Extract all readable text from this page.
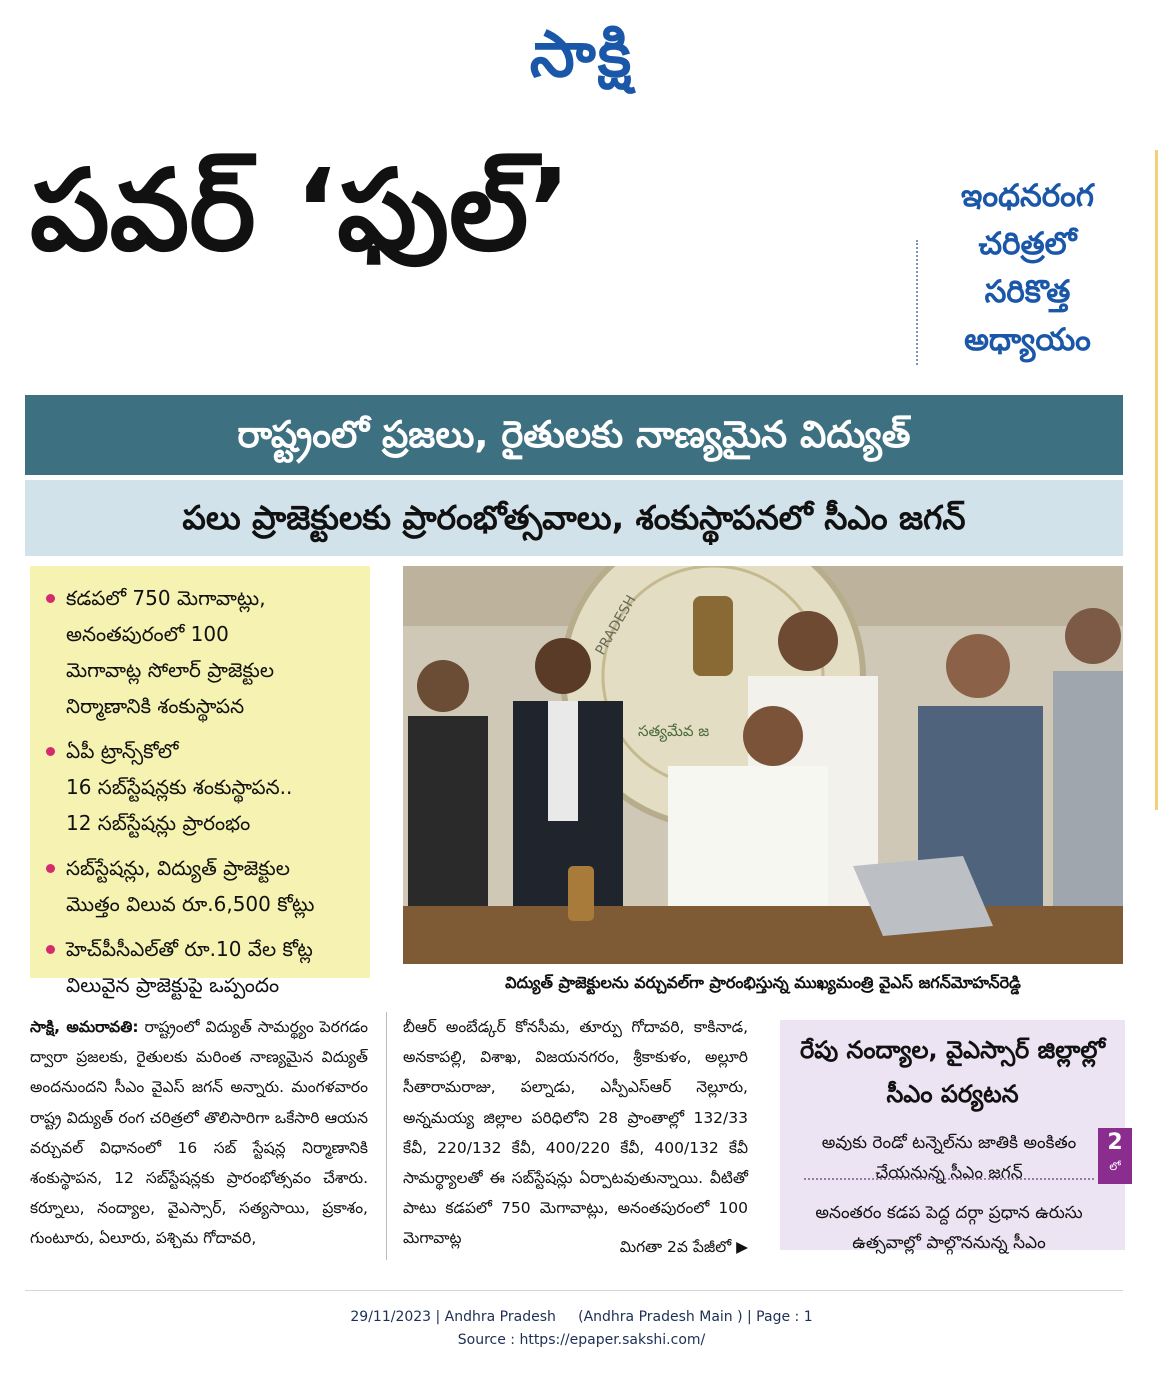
సాక్షి
పవర్ ‘ఫుల్’	ఇంధనరంగ
చరిత్రలో
సరికొత్త
అధ్యాయం
రాష్ట్రంలో ప్రజలు, రైతులకు నాణ్యమైన విద్యుత్
పలు ప్రాజెక్టులకు ప్రారంభోత్సవాలు, శంకుస్థాపనలో సీఎం జగన్
కడపలో 750 మెగావాట్లు,
అనంతపురంలో 100
మెగావాట్ల సోలార్ ప్రాజెక్టుల
నిర్మాణానికి శంకుస్థాపన
ఏపీ ట్రాన్స్‌కోలో
16 సబ్‌స్టేషన్లకు శంకుస్థాపన..
12 సబ్‌స్టేషన్లు ప్రారంభం
సబ్‌స్టేషన్లు, విద్యుత్ ప్రాజెక్టుల
మొత్తం విలువ రూ.6,500 కోట్లు
హెచ్‌పీసీఎల్‌తో రూ.10 వేల కోట్ల
విలువైన ప్రాజెక్టుపై ఒప్పందం
PRADESH
సత్యమేవ జ
విద్యుత్ ప్రాజెక్టులను వర్చువల్‌గా ప్రారంభిస్తున్న ముఖ్యమంత్రి వైఎస్ జగన్‌మోహన్‌రెడ్డి
సాక్షి, అమరావతి: రాష్ట్రంలో విద్యుత్ సామర్థ్యం పెరగడం ద్వారా ప్రజలకు, రైతులకు మరింత నాణ్యమైన విద్యుత్ అందనుందని సీఎం వైఎస్ జగన్ అన్నారు. మంగళవారం రాష్ట్ర విద్యుత్ రంగ చరిత్రలో తొలిసారిగా ఒకేసారి ఆయన వర్చువల్ విధానంలో 16 సబ్ స్టేషన్ల నిర్మాణానికి శంకుస్థాపన, 12 సబ్‌స్టేషన్లకు ప్రారంభోత్సవం చేశారు. కర్నూలు, నంద్యాల, వైఎస్సార్, సత్యసాయి, ప్రకాశం, గుంటూరు, ఏలూరు, పశ్చిమ గోదావరి,
బీఆర్ అంబేడ్కర్ కోనసీమ, తూర్పు గోదావరి, కాకినాడ, అనకాపల్లి, విశాఖ, విజయనగరం, శ్రీకాకుళం, అల్లూరి సీతారామరాజు, పల్నాడు, ఎస్పీఎస్‌ఆర్ నెల్లూరు, అన్నమయ్య జిల్లాల పరిధిలోని 28 ప్రాంతాల్లో 132/33 కేవీ, 220/132 కేవీ, 400/220 కేవీ, 400/132 కేవీ సామర్థ్యాలతో ఈ సబ్‌స్టేషన్లు ఏర్పాటవుతున్నాయి. వీటితో పాటు కడపలో 750 మెగావాట్లు, అనంతపురంలో 100 మెగావాట్ల	మిగతా 2వ పేజీలో ▶
రేపు నంద్యాల, వైఎస్సార్ జిల్లాల్లో సీఎం పర్యటన
అవుకు రెండో టన్నెల్‌ను జాతికి అంకితం చేయనున్న సీఎం జగన్
అనంతరం కడప పెద్ద దర్గా ప్రధాన ఉరుసు ఉత్సవాల్లో పాల్గొననున్న సీఎం
2
లో
29/11/2023 | Andhra Pradesh     (Andhra Pradesh Main ) | Page : 1
Source : https://epaper.sakshi.com/
